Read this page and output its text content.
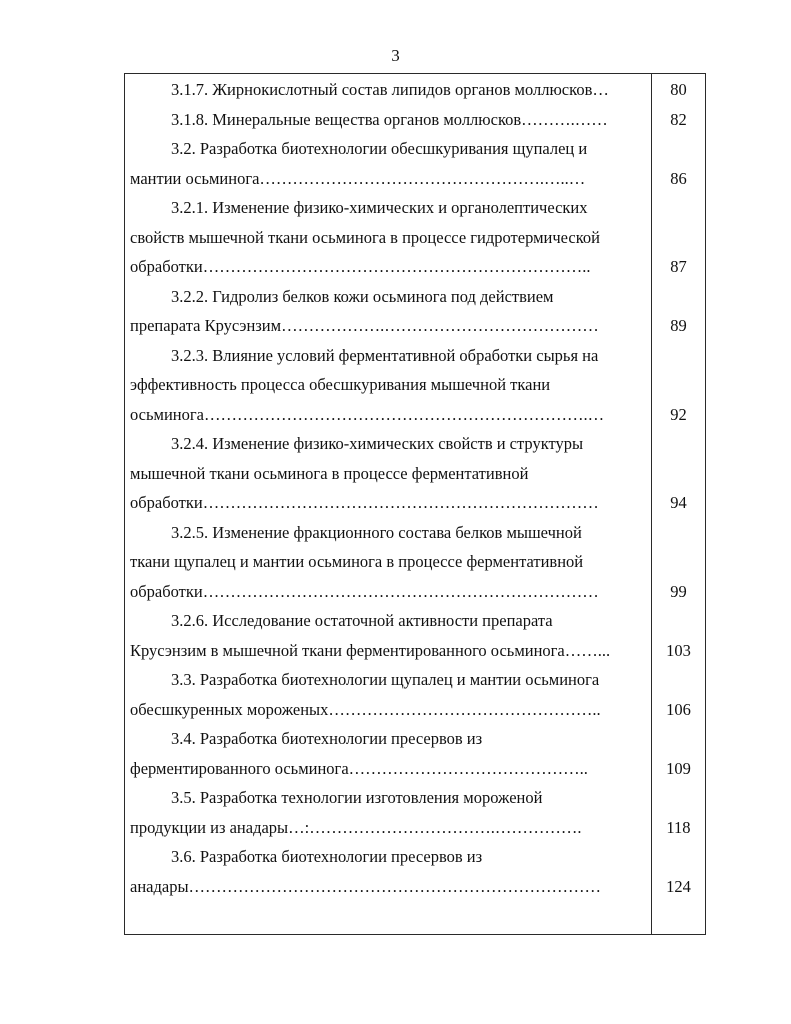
3
3.1.7. Жирнокислотный состав липидов органов моллюсков…	80
3.1.8. Минеральные вещества органов моллюсков……….……	82
3.2. Разработка биотехнологии обесшкуривания щупалец и
мантии осьминога…………………………………………….…..…	86
3.2.1. Изменение физико-химических и органолептических
свойств мышечной ткани осьминога в процессе гидротермической
обработки……………………………………………………………..	87
3.2.2. Гидролиз белков кожи осьминога под действием
препарата Крусэнзим……………….…………………………………	89
3.2.3. Влияние условий ферментативной обработки сырья на
эффективность процесса обесшкуривания мышечной ткани
осьминога…………………………………………………………….…	92
3.2.4. Изменение физико-химических свойств и структуры
мышечной ткани осьминога в процессе ферментативной
обработки………………………………………………………………	94
3.2.5. Изменение фракционного состава белков мышечной
ткани щупалец и мантии осьминога в процессе ферментативной
обработки………………………………………………………………	99
3.2.6. Исследование остаточной активности препарата
Крусэнзим в мышечной ткани ферментированного осьминога……...	103
3.3. Разработка биотехнологии щупалец и мантии осьминога
обесшкуренных мороженых…………………………………………..	106
3.4. Разработка биотехнологии пресервов из
ферментированного осьминога……………………………………..	109
3.5. Разработка технологии изготовления мороженой
продукции из анадары…:…………………………….…………….	118
3.6. Разработка биотехнологии пресервов из
анадары…………………………………………………………………	124
